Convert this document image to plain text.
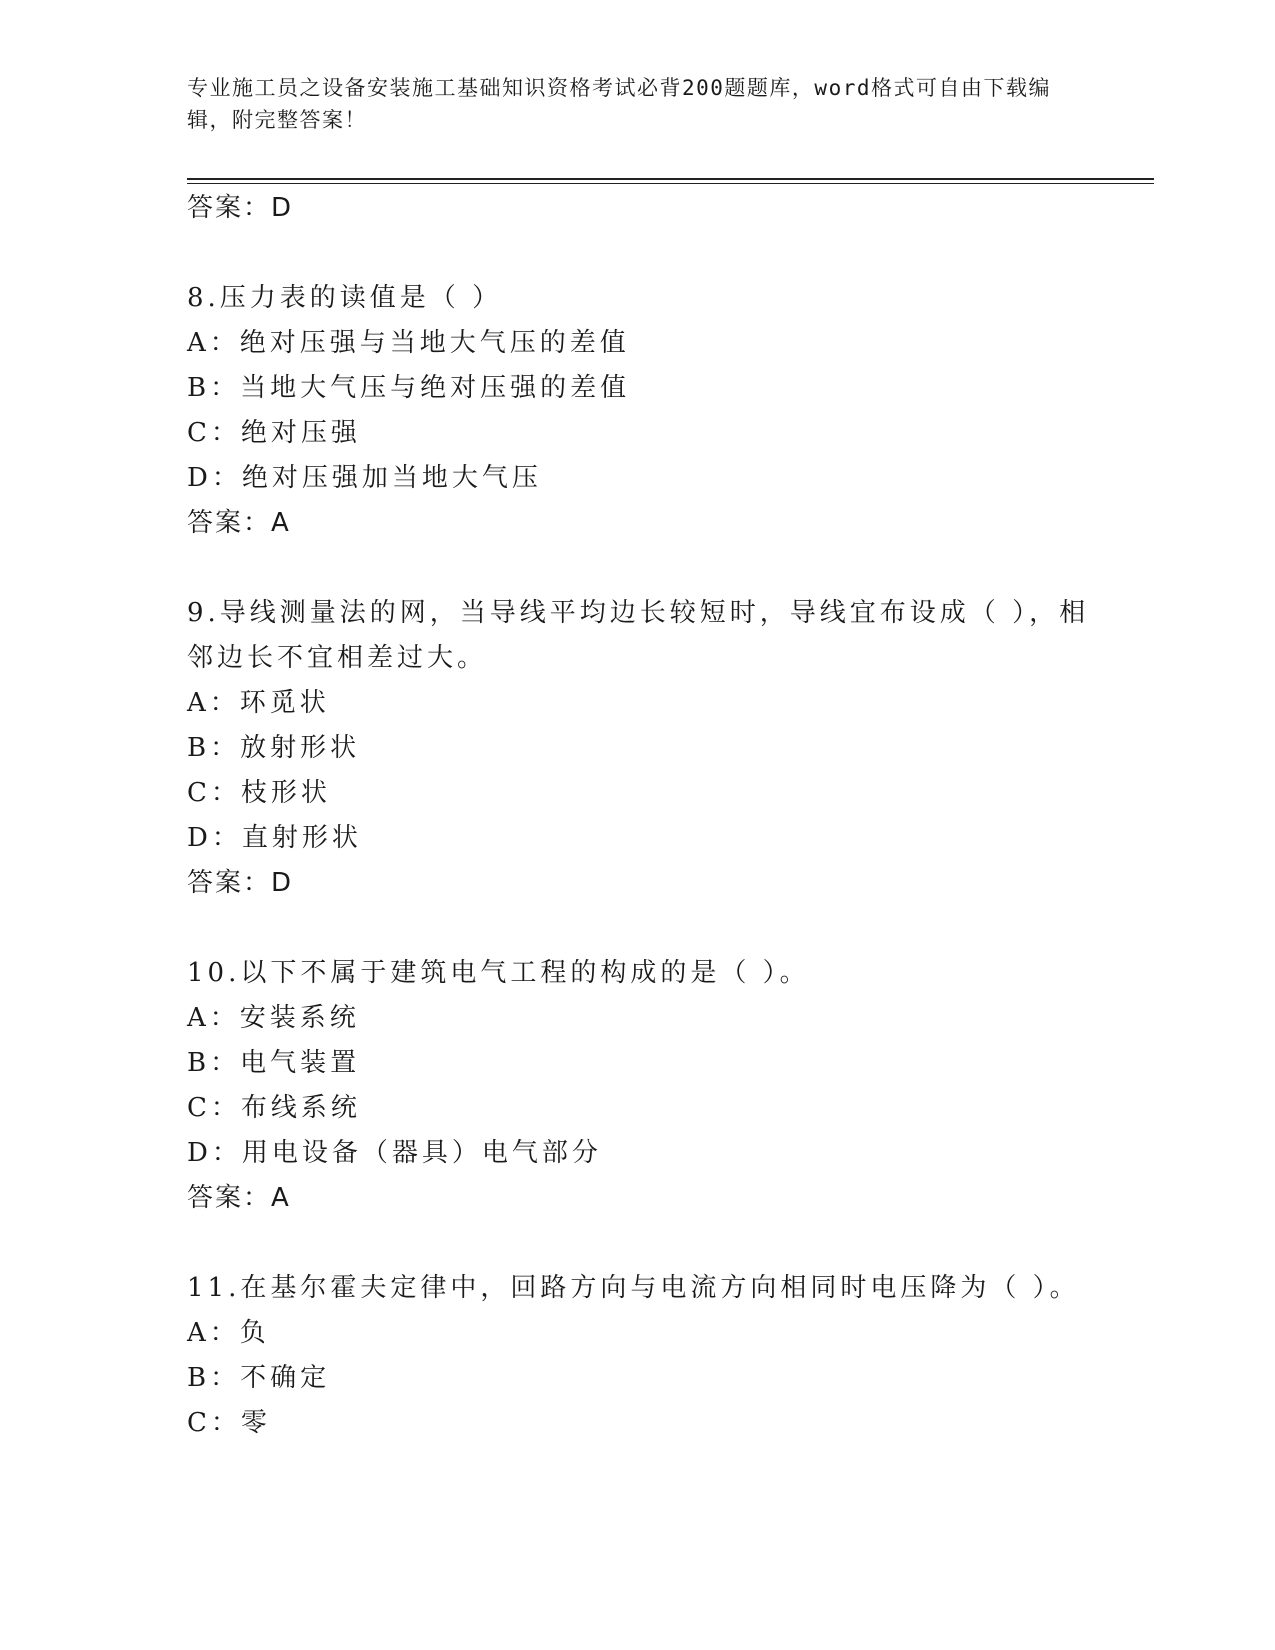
专业施工员之设备安装施工基础知识资格考试必背200题题库，word格式可自由下载编辑，附完整答案！
答案：D
8.压力表的读值是（ ）
A：绝对压强与当地大气压的差值
B：当地大气压与绝对压强的差值
C：绝对压强
D：绝对压强加当地大气压
答案：A
9.导线测量法的网，当导线平均边长较短时，导线宜布设成（ ），相
邻边长不宜相差过大。
A：环觅状
B：放射形状
C：枝形状
D：直射形状
答案：D
10.以下不属于建筑电气工程的构成的是（ ）。
A：安装系统
B：电气装置
C：布线系统
D：用电设备（器具）电气部分
答案：A
11.在基尔霍夫定律中，回路方向与电流方向相同时电压降为（ ）。
A：负
B：不确定
C：零
